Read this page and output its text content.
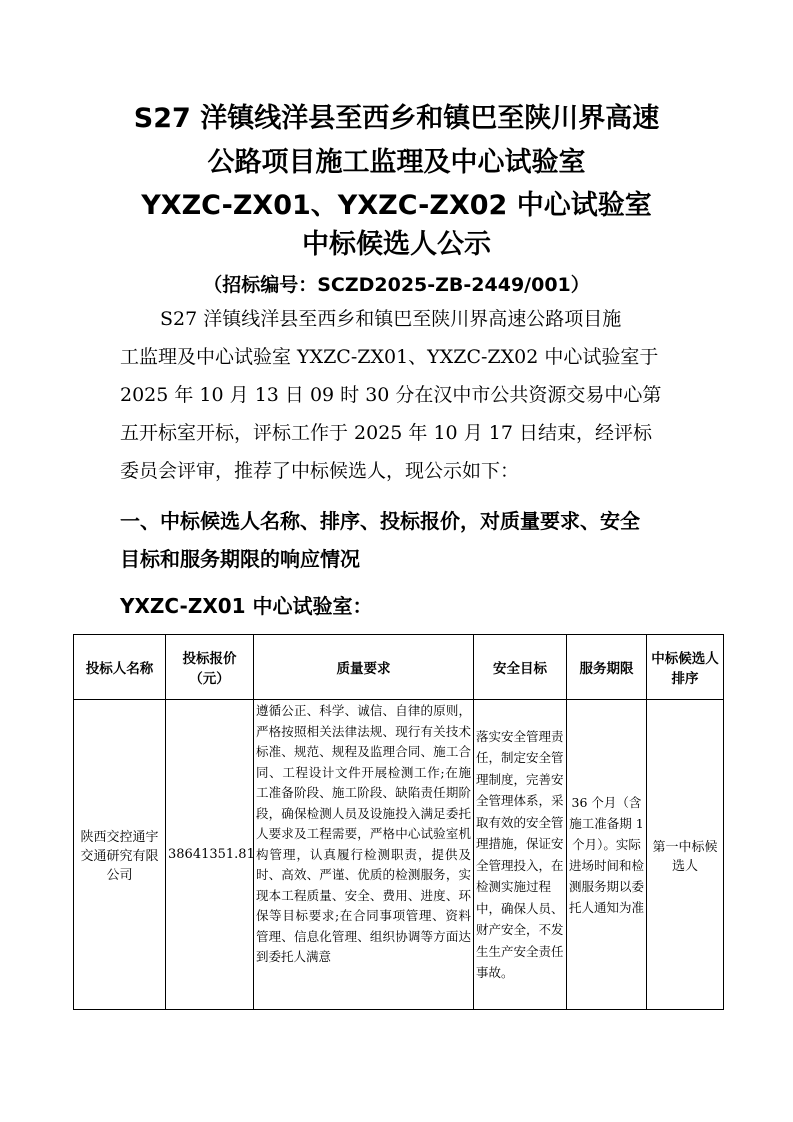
S27 洋镇线洋县至西乡和镇巴至陕川界高速
公路项目施工监理及中心试验室
YXZC-ZX01、YXZC-ZX02 中心试验室
中标候选人公示
（招标编号：SCZD2025-ZB-2449/001）
S27 洋镇线洋县至西乡和镇巴至陕川界高速公路项目施
工监理及中心试验室 YXZC-ZX01、YXZC-ZX02 中心试验室于
2025 年 10 月 13 日 09 时 30 分在汉中市公共资源交易中心第
五开标室开标，评标工作于 2025 年 10 月 17 日结束，经评标
委员会评审，推荐了中标候选人，现公示如下：
一、中标候选人名称、排序、投标报价，对质量要求、安全
目标和服务期限的响应情况
YXZC-ZX01 中心试验室：
投标人名称	投标报价（元）	质量要求	安全目标	服务期限	中标候选人排序
陕西交控通宇交通研究有限公司	38641351.81	遵循公正、科学、诚信、自律的原则，严格按照相关法律法规、现行有关技术标准、规范、规程及监理合同、施工合同、工程设计文件开展检测工作;在施工准备阶段、施工阶段、缺陷责任期阶段，确保检测人员及设施投入满足委托人要求及工程需要，严格中心试验室机构管理，认真履行检测职责，提供及时、高效、严谨、优质的检测服务，实现本工程质量、安全、费用、进度、环保等目标要求;在合同事项管理、资料管理、信息化管理、组织协调等方面达到委托人满意	落实安全管理责任，制定安全管理制度，完善安全管理体系，采取有效的安全管理措施，保证安全管理投入，在检测实施过程中，确保人员、财产安全，不发生生产安全责任事故。	36 个月（含施工准备期 1 个月）。实际进场时间和检测服务期以委托人通知为准	第一中标候选人
